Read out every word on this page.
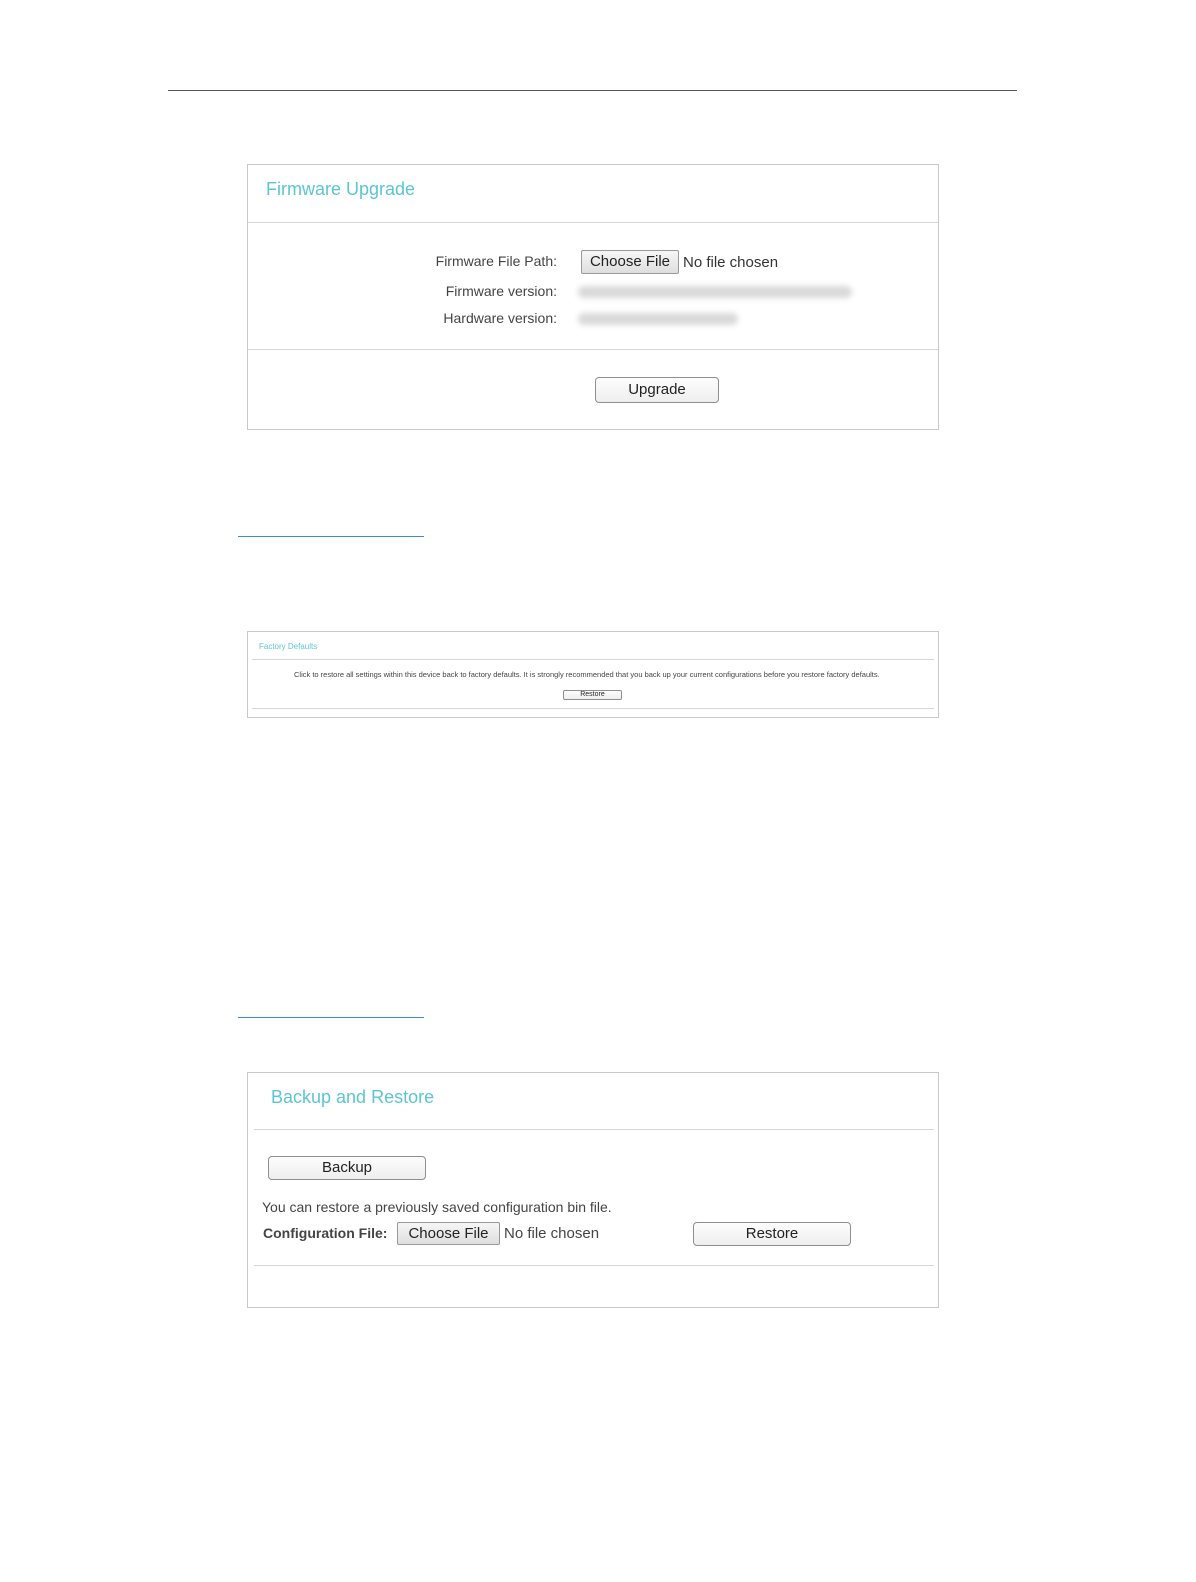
Firmware Upgrade
Firmware File Path:	Choose File No file chosen
Firmware version:
Hardware version:
Upgrade
Factory Defaults
Click to restore all settings within this device back to factory defaults. It is strongly recommended that you back up your current configurations before you restore factory defaults.
Restore
Backup and Restore
Backup
You can restore a previously saved configuration bin file.
Configuration File:	Choose File	No file chosen	Restore
